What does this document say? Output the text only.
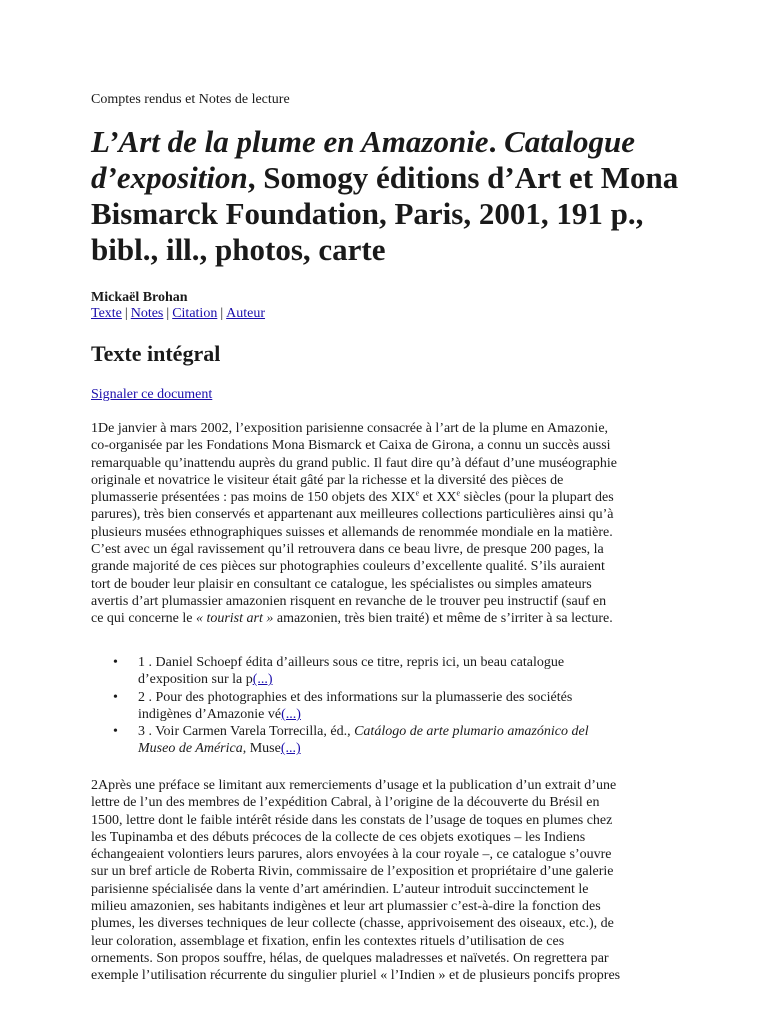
Comptes rendus et Notes de lecture
L’Art de la plume en Amazonie. Catalogue d’exposition, Somogy éditions d’Art et Mona Bismarck Foundation, Paris, 2001, 191 p., bibl., ill., photos, carte
Mickaël Brohan
Texte | Notes | Citation | Auteur
Texte intégral
Signaler ce document

1De janvier à mars 2002, l’exposition parisienne consacrée à l’art de la plume en Amazonie,
co-organisée par les Fondations Mona Bismarck et Caixa de Girona, a connu un succès aussi
remarquable qu’inattendu auprès du grand public. Il faut dire qu’à défaut d’une muséographie
originale et novatrice le visiteur était gâté par la richesse et la diversité des pièces de
plumasserie présentées : pas moins de 150 objets des XIXe et XXe siècles (pour la plupart des
parures), très bien conservés et appartenant aux meilleures collections particulières ainsi qu’à
plusieurs musées ethnographiques suisses et allemands de renommée mondiale en la matière.
C’est avec un égal ravissement qu’il retrouvera dans ce beau livre, de presque 200 pages, la
grande majorité de ces pièces sur photographies couleurs d’excellente qualité. S’ils auraient
tort de bouder leur plaisir en consultant ce catalogue, les spécialistes ou simples amateurs
avertis d’art plumassier amazonien risquent en revanche de le trouver peu instructif (sauf en
ce qui concerne le « tourist art » amazonien, très bien traité) et même de s’irriter à sa lecture.

• 1 . Daniel Schoepf édita d’ailleurs sous ce titre, repris ici, un beau catalogue
d’exposition sur la p(...)
• 2 . Pour des photographies et des informations sur la plumasserie des sociétés
indigènes d’Amazonie vé(...)
• 3 . Voir Carmen Varela Torrecilla, éd., Catálogo de arte plumario amazónico del
Museo de América, Muse(...)

2Après une préface se limitant aux remerciements d’usage et la publication d’un extrait d’une
lettre de l’un des membres de l’expédition Cabral, à l’origine de la découverte du Brésil en
1500, lettre dont le faible intérêt réside dans les constats de l’usage de toques en plumes chez
les Tupinamba et des débuts précoces de la collecte de ces objets exotiques – les Indiens
échangeaient volontiers leurs parures, alors envoyées à la cour royale –, ce catalogue s’ouvre
sur un bref article de Roberta Rivin, commissaire de l’exposition et propriétaire d’une galerie
parisienne spécialisée dans la vente d’art amérindien. L’auteur introduit succinctement le
milieu amazonien, ses habitants indigènes et leur art plumassier c’est-à-dire la fonction des
plumes, les diverses techniques de leur collecte (chasse, apprivoisement des oiseaux, etc.), de
leur coloration, assemblage et fixation, enfin les contextes rituels d’utilisation de ces
ornements. Son propos souffre, hélas, de quelques maladresses et naïvetés. On regrettera par
exemple l’utilisation récurrente du singulier pluriel « l’Indien » et de plusieurs poncifs propres
